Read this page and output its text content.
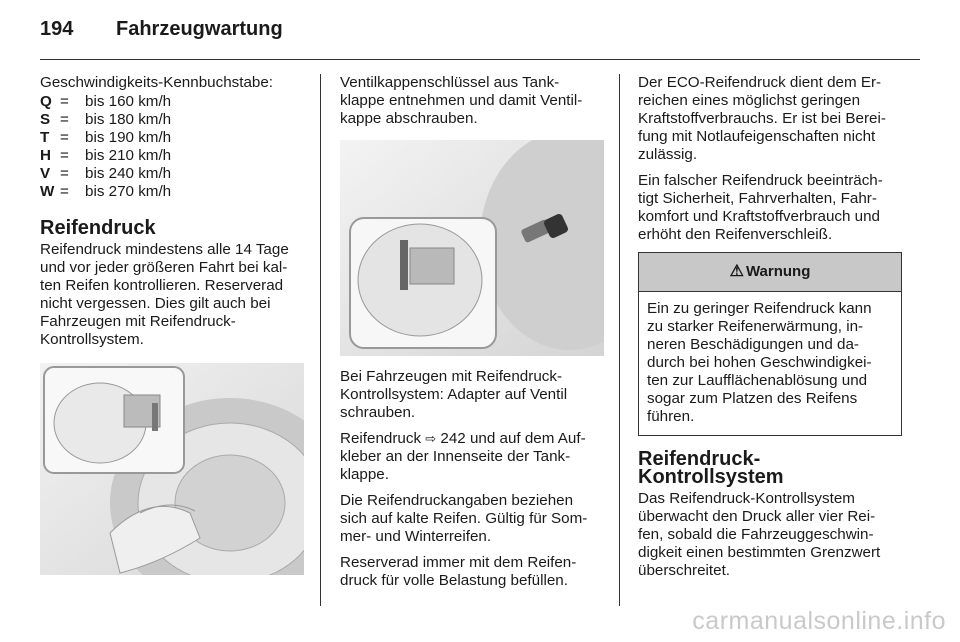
194 Fahrzeugwartung

Geschwindigkeits-Kennbuchstabe:

Q	=	bis 160 km/h
S	=	bis 180 km/h
T	=	bis 190 km/h
H	=	bis 210 km/h
V	=	bis 240 km/h
W	=	bis 270 km/h
Reifendruck

Reifendruck mindestens alle 14 Tage
und vor jeder größeren Fahrt bei kal-
ten Reifen kontrollieren. Reserverad
nicht vergessen. Dies gilt auch bei
Fahrzeugen mit Reifendruck-
Kontrollsystem.

Ventilkappenschlüssel aus Tank-
klappe entnehmen und damit Ventil-
kappe abschrauben.

Bei Fahrzeugen mit Reifendruck-
Kontrollsystem: Adapter auf Ventil
schrauben.

Reifendruck ⇨ 242 und auf dem Auf-
kleber an der Innenseite der Tank-
klappe.

Die Reifendruckangaben beziehen
sich auf kalte Reifen. Gültig für Som-
mer- und Winterreifen.

Reserverad immer mit dem Reifen-
druck für volle Belastung befüllen.

Der ECO-Reifendruck dient dem Er-
reichen eines möglichst geringen
Kraftstoffverbrauchs. Er ist bei Berei-
fung mit Notlaufeigenschaften nicht
zulässig.

Ein falscher Reifendruck beeinträch-
tigt Sicherheit, Fahrverhalten, Fahr-
komfort und Kraftstoffverbrauch und
erhöht den Reifenverschleiß.

⚠ Warnung
Ein zu geringer Reifendruck kann
zu starker Reifenerwärmung, in-
neren Beschädigungen und da-
durch bei hohen Geschwindigkei-
ten zur Laufflächenablösung und
sogar zum Platzen des Reifens
führen.
Reifendruck-Kontrollsystem

Das Reifendruck-Kontrollsystem
überwacht den Druck aller vier Rei-
fen, sobald die Fahrzeuggeschwin-
digkeit einen bestimmten Grenzwert
überschreitet.

carmanualsonline.info
